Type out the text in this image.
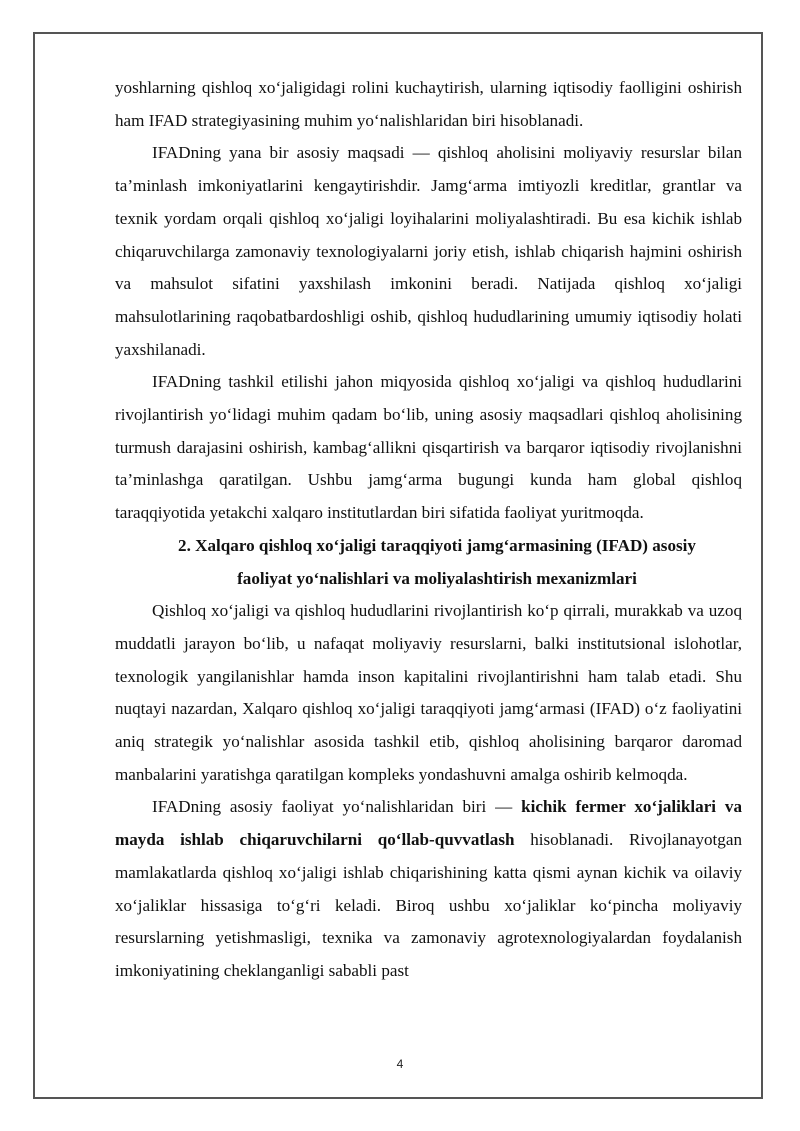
yoshlarning qishloq xo‘jaligidagi rolini kuchaytirish, ularning iqtisodiy faolligini oshirish ham IFAD strategiyasining muhim yo‘nalishlaridan biri hisoblanadi.

IFADning yana bir asosiy maqsadi — qishloq aholisini moliyaviy resurslar bilan ta’minlash imkoniyatlarini kengaytirishdir. Jamg‘arma imtiyozli kreditlar, grantlar va texnik yordam orqali qishloq xo‘jaligi loyihalarini moliyalashtiradi. Bu esa kichik ishlab chiqaruvchilarga zamonaviy texnologiyalarni joriy etish, ishlab chiqarish hajmini oshirish va mahsulot sifatini yaxshilash imkonini beradi. Natijada qishloq xo‘jaligi mahsulotlarining raqobatbardoshligi oshib, qishloq hududlarining umumiy iqtisodiy holati yaxshilanadi.

IFADning tashkil etilishi jahon miqyosida qishloq xo‘jaligi va qishloq hududlarini rivojlantirish yo‘lidagi muhim qadam bo‘lib, uning asosiy maqsadlari qishloq aholisining turmush darajasini oshirish, kambag‘allikni qisqartirish va barqaror iqtisodiy rivojlanishni ta’minlashga qaratilgan. Ushbu jamg‘arma bugungi kunda ham global qishloq taraqqiyotida yetakchi xalqaro institutlardan biri sifatida faoliyat yuritmoqda.

2. Xalqaro qishloq xo‘jaligi taraqqiyoti jamg‘armasining (IFAD) asosiy faoliyat yo‘nalishlari va moliyalashtirish mexanizmlari

Qishloq xo‘jaligi va qishloq hududlarini rivojlantirish ko‘p qirrali, murakkab va uzoq muddatli jarayon bo‘lib, u nafaqat moliyaviy resurslarni, balki institutsional islohotlar, texnologik yangilanishlar hamda inson kapitalini rivojlantirishni ham talab etadi. Shu nuqtayi nazardan, Xalqaro qishloq xo‘jaligi taraqqiyoti jamg‘armasi (IFAD) o‘z faoliyatini aniq strategik yo‘nalishlar asosida tashkil etib, qishloq aholisining barqaror daromad manbalarini yaratishga qaratilgan kompleks yondashuvni amalga oshirib kelmoqda.

IFADning asosiy faoliyat yo‘nalishlaridan biri — kichik fermer xo‘jaliklari va mayda ishlab chiqaruvchilarni qo‘llab-quvvatlash hisoblanadi. Rivojlanayotgan mamlakatlarda qishloq xo‘jaligi ishlab chiqarishining katta qismi aynan kichik va oilaviy xo‘jaliklar hissasiga to‘g‘ri keladi. Biroq ushbu xo‘jaliklar ko‘pincha moliyaviy resurslarning yetishmasligi, texnika va zamonaviy agrotexnologiyalardan foydalanish imkoniyatining cheklanganligi sababli past

4
